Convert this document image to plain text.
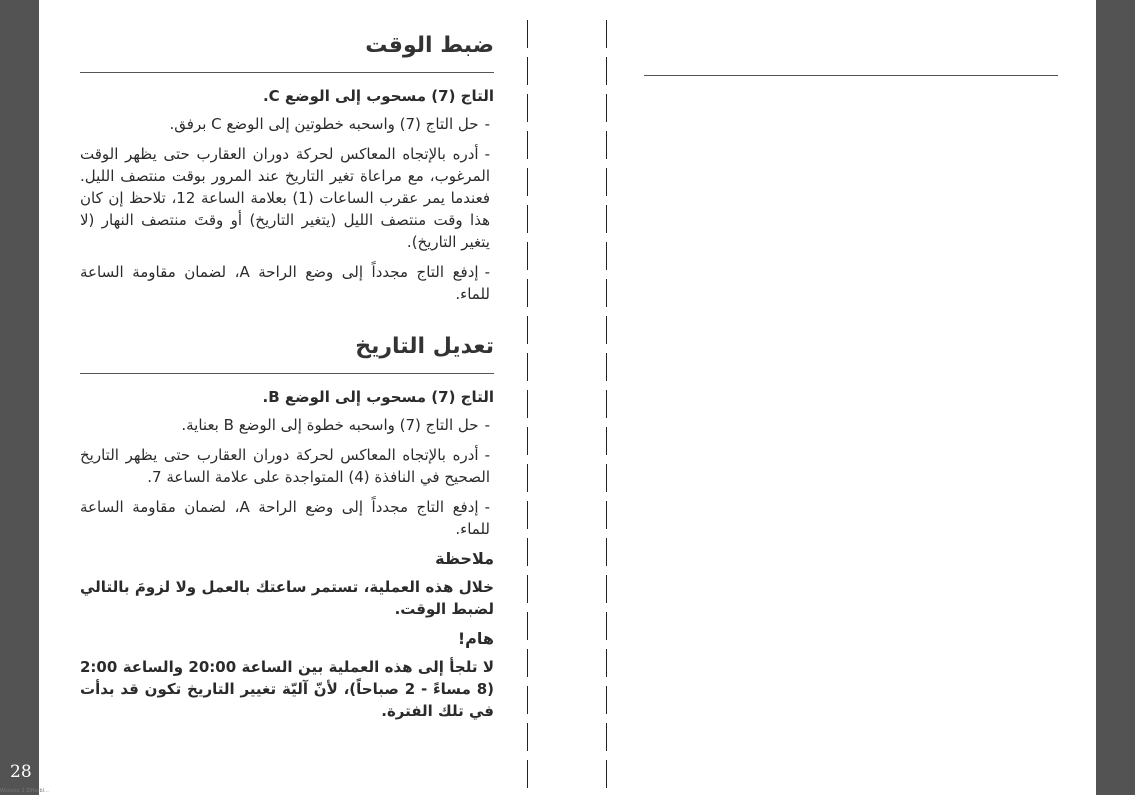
28
Wxxxxx 2 Zifferbl...
ضبط الوقت

التاج (7) مسحوب إلى الوضع C.

-حل التاج (7) واسحبه خطوتين إلى الوضع C برفق.

-أدره بالإتجاه المعاكس لحركة دوران العقارب حتى يظهر الوقت المرغوب، مع مراعاة تغير التاريخ عند المرور بوقت منتصف الليل. فعندما يمر عقرب الساعات (1) بعلامة الساعة 12، تلاحظ إن كان هذا وقت منتصف الليل (يتغير التاريخ) أو وقتَ منتصف النهار (لا يتغير التاريخ).

-إدفع التاج مجدداً إلى وضع الراحة A، لضمان مقاومة الساعة للماء.

تعديل التاريخ

التاج (7) مسحوب إلى الوضع B.

-حل التاج (7) واسحبه خطوة إلى الوضع B بعناية.

-أدره بالإتجاه المعاكس لحركة دوران العقارب حتى يظهر التاريخ الصحيح في النافذة (4) المتواجدة على علامة الساعة 7.

-إدفع التاج مجدداً إلى وضع الراحة A، لضمان مقاومة الساعة للماء.

ملاحظة

خلال هذه العملية، تستمر ساعتك بالعمل ولا لزومَ بالتالي لضبط الوقت.

هام!

لا تلجأ إلى هذه العملية بين الساعة 20:00 والساعة 2:00 (8 مساءً - 2 صباحاً)، لأنّ آليّة تغيير التاريخ تكون قد بدأت في تلك الفترة.
